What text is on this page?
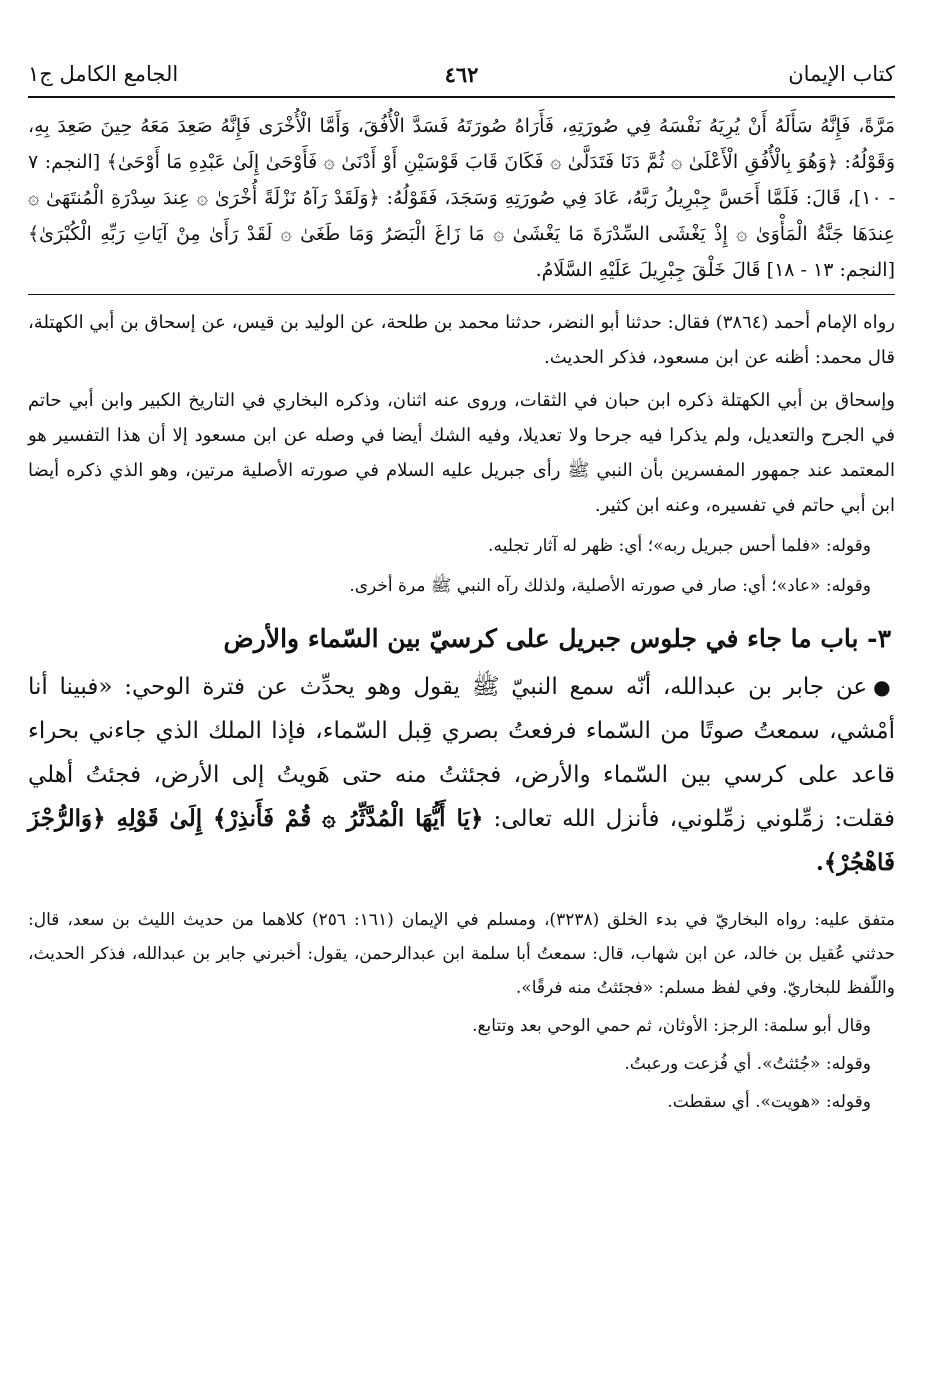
كتاب الإيمان
٤٦٢
الجامع الكامل ج١

مَرَّةً، فَإِنَّهُ سَأَلَهُ أَنْ يُرِيَهُ نَفْسَهُ فِي صُورَتِهِ، فَأَرَاهُ صُورَتَهُ فَسَدَّ الْأُفُقَ، وَأَمَّا الْأُخْرَى فَإِنَّهُ صَعِدَ مَعَهُ حِينَ صَعِدَ بِهِ، وَقَوْلُهُ: ﴿وَهُوَ بِالْأُفُقِ الْأَعْلَىٰ ۞ ثُمَّ دَنَا فَتَدَلَّىٰ ۞ فَكَانَ قَابَ قَوْسَيْنِ أَوْ أَدْنَىٰ ۞ فَأَوْحَىٰ إِلَىٰ عَبْدِهِ مَا أَوْحَىٰ﴾ [النجم: ٧ - ١٠]، قَالَ: فَلَمَّا أَحَسَّ جِبْرِيلُ رَبَّهُ، عَادَ فِي صُورَتِهِ وَسَجَدَ، فَقَوْلُهُ: ﴿وَلَقَدْ رَآهُ نَزْلَةً أُخْرَىٰ ۞ عِندَ سِدْرَةِ الْمُنتَهَىٰ ۞ عِندَهَا جَنَّةُ الْمَأْوَىٰ ۞ إِذْ يَغْشَى السِّدْرَةَ مَا يَغْشَىٰ ۞ مَا زَاغَ الْبَصَرُ وَمَا طَغَىٰ ۞ لَقَدْ رَأَىٰ مِنْ آيَاتِ رَبِّهِ الْكُبْرَىٰ﴾ [النجم: ١٣ - ١٨] قَالَ خَلْقَ جِبْرِيلَ عَلَيْهِ السَّلَامُ.

رواه الإمام أحمد (٣٨٦٤) فقال: حدثنا أبو النضر، حدثنا محمد بن طلحة، عن الوليد بن قيس، عن إسحاق بن أبي الكهتلة، قال محمد: أظنه عن ابن مسعود، فذكر الحديث.

وإسحاق بن أبي الكهتلة ذكره ابن حبان في الثقات، وروى عنه اثنان، وذكره البخاري في التاريخ الكبير وابن أبي حاتم في الجرح والتعديل، ولم يذكرا فيه جرحا ولا تعديلا، وفيه الشك أيضا في وصله عن ابن مسعود إلا أن هذا التفسير هو المعتمد عند جمهور المفسرين بأن النبي ﷺ رأى جبريل عليه السلام في صورته الأصلية مرتين، وهو الذي ذكره أيضا ابن أبي حاتم في تفسيره، وعنه ابن كثير.

وقوله: «فلما أحس جبريل ربه»؛ أي: ظهر له آثار تجليه.

وقوله: «عاد»؛ أي: صار في صورته الأصلية، ولذلك رآه النبي ﷺ مرة أخرى.

٣- باب ما جاء في جلوس جبريل على كرسيّ بين السّماء والأرض

●عن جابر بن عبدالله، أنّه سمع النبيّ ﷺ يقول وهو يحدِّث عن فترة الوحي: «فبينا أنا أمْشي، سمعتُ صوتًا من السّماء فرفعتُ بصري قِبل السّماء، فإذا الملك الذي جاءني بحراء قاعد على كرسي بين السّماء والأرض، فجئثتُ منه حتى هَويتُ إلى الأرض، فجئتُ أهلي فقلت: زمِّلوني زمِّلوني، فأنزل الله تعالى: ﴿يَا أَيُّهَا الْمُدَّثِّرُ ۞ قُمْ فَأَنذِرْ﴾ إِلَىٰ قَوْلِهِ ﴿وَالرُّجْزَ فَاهْجُرْ﴾.

متفق عليه: رواه البخاريّ في بدء الخلق (٣٢٣٨)، ومسلم في الإيمان (١٦١: ٢٥٦) كلاهما من حديث الليث بن سعد، قال: حدثني عُقيل بن خالد، عن ابن شهاب، قال: سمعتُ أبا سلمة ابن عبدالرحمن، يقول: أخبرني جابر بن عبدالله، فذكر الحديث، واللّفظ للبخاريّ. وفي لفظ مسلم: «فجئثتُ منه فرقًا».

وقال أبو سلمة: الرجز: الأوثان، ثم حمي الوحي بعد وتتابع.

وقوله: «جُئثتُ». أي فُزعت ورعبتُ.

وقوله: «هويت». أي سقطت.
